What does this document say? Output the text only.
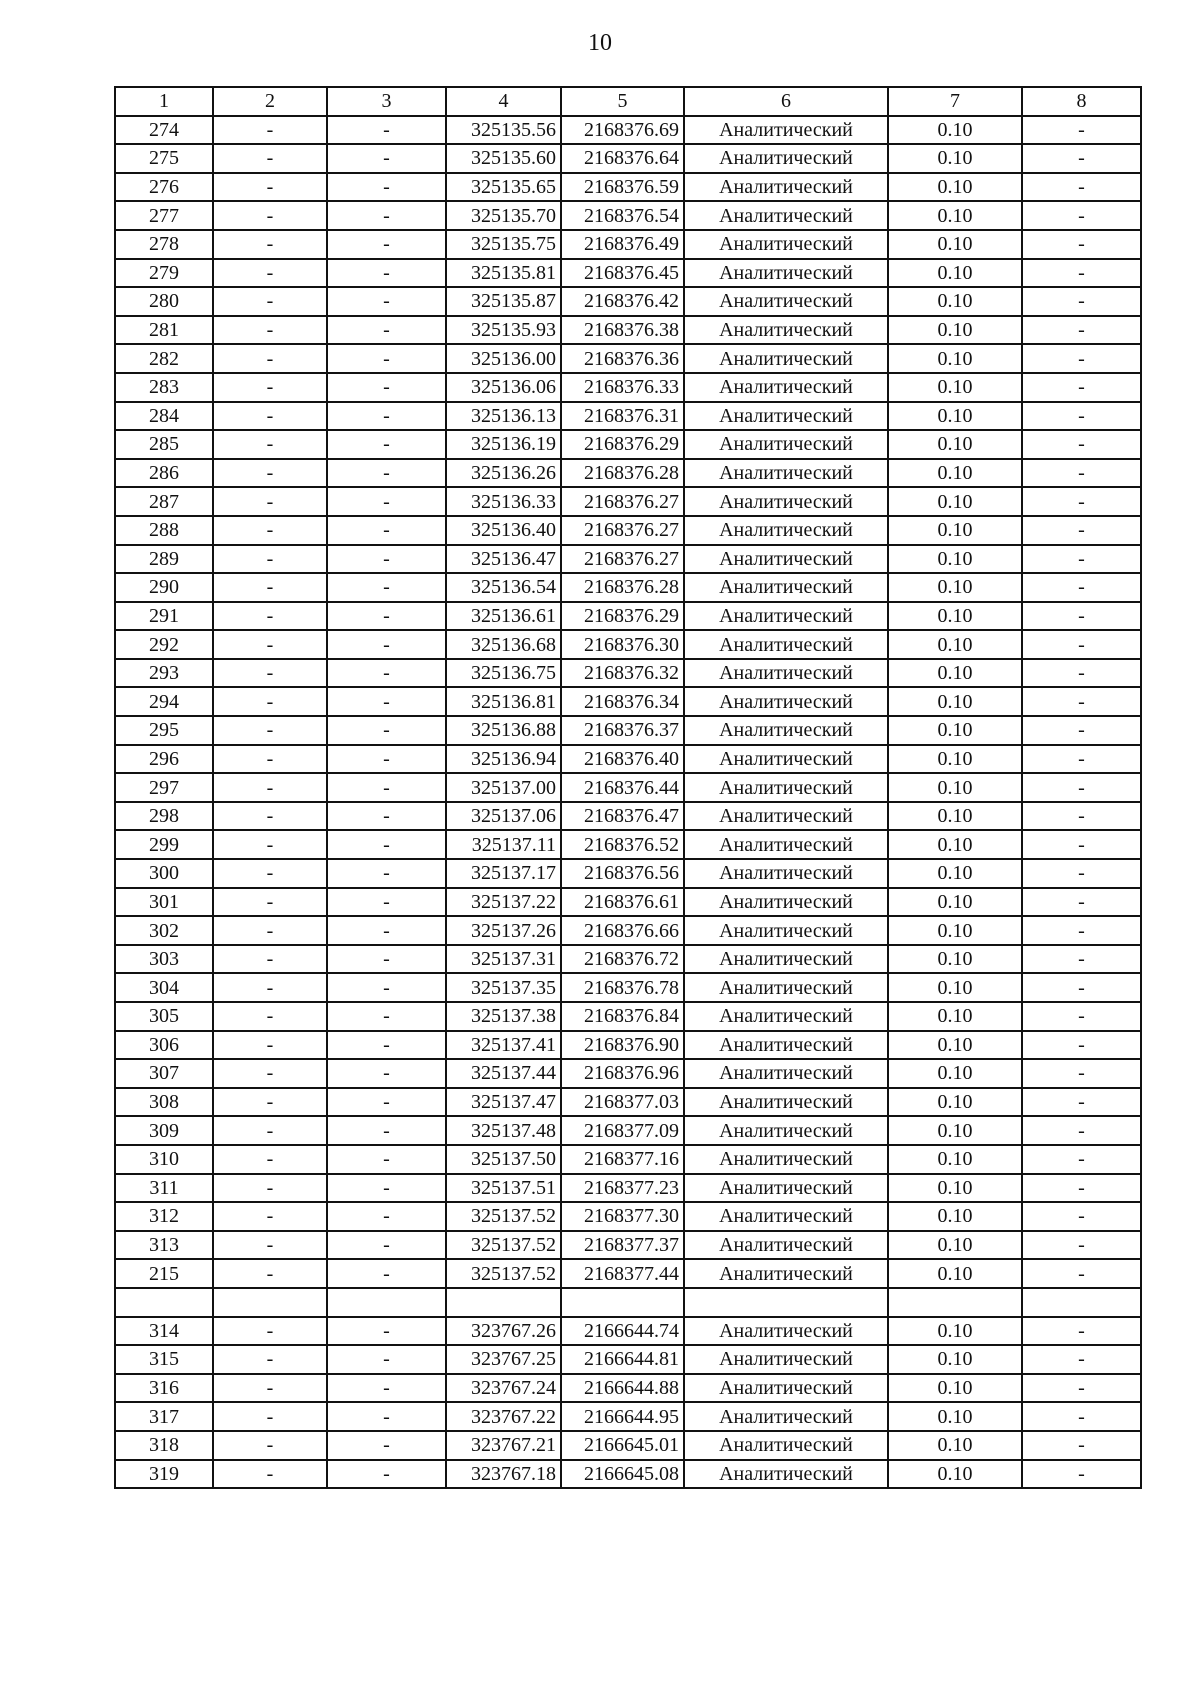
10
1	2	3	4	5	6	7	8
274	-	-	325135.56	2168376.69	Аналитический	0.10	-
275	-	-	325135.60	2168376.64	Аналитический	0.10	-
276	-	-	325135.65	2168376.59	Аналитический	0.10	-
277	-	-	325135.70	2168376.54	Аналитический	0.10	-
278	-	-	325135.75	2168376.49	Аналитический	0.10	-
279	-	-	325135.81	2168376.45	Аналитический	0.10	-
280	-	-	325135.87	2168376.42	Аналитический	0.10	-
281	-	-	325135.93	2168376.38	Аналитический	0.10	-
282	-	-	325136.00	2168376.36	Аналитический	0.10	-
283	-	-	325136.06	2168376.33	Аналитический	0.10	-
284	-	-	325136.13	2168376.31	Аналитический	0.10	-
285	-	-	325136.19	2168376.29	Аналитический	0.10	-
286	-	-	325136.26	2168376.28	Аналитический	0.10	-
287	-	-	325136.33	2168376.27	Аналитический	0.10	-
288	-	-	325136.40	2168376.27	Аналитический	0.10	-
289	-	-	325136.47	2168376.27	Аналитический	0.10	-
290	-	-	325136.54	2168376.28	Аналитический	0.10	-
291	-	-	325136.61	2168376.29	Аналитический	0.10	-
292	-	-	325136.68	2168376.30	Аналитический	0.10	-
293	-	-	325136.75	2168376.32	Аналитический	0.10	-
294	-	-	325136.81	2168376.34	Аналитический	0.10	-
295	-	-	325136.88	2168376.37	Аналитический	0.10	-
296	-	-	325136.94	2168376.40	Аналитический	0.10	-
297	-	-	325137.00	2168376.44	Аналитический	0.10	-
298	-	-	325137.06	2168376.47	Аналитический	0.10	-
299	-	-	325137.11	2168376.52	Аналитический	0.10	-
300	-	-	325137.17	2168376.56	Аналитический	0.10	-
301	-	-	325137.22	2168376.61	Аналитический	0.10	-
302	-	-	325137.26	2168376.66	Аналитический	0.10	-
303	-	-	325137.31	2168376.72	Аналитический	0.10	-
304	-	-	325137.35	2168376.78	Аналитический	0.10	-
305	-	-	325137.38	2168376.84	Аналитический	0.10	-
306	-	-	325137.41	2168376.90	Аналитический	0.10	-
307	-	-	325137.44	2168376.96	Аналитический	0.10	-
308	-	-	325137.47	2168377.03	Аналитический	0.10	-
309	-	-	325137.48	2168377.09	Аналитический	0.10	-
310	-	-	325137.50	2168377.16	Аналитический	0.10	-
311	-	-	325137.51	2168377.23	Аналитический	0.10	-
312	-	-	325137.52	2168377.30	Аналитический	0.10	-
313	-	-	325137.52	2168377.37	Аналитический	0.10	-
215	-	-	325137.52	2168377.44	Аналитический	0.10	-

314	-	-	323767.26	2166644.74	Аналитический	0.10	-
315	-	-	323767.25	2166644.81	Аналитический	0.10	-
316	-	-	323767.24	2166644.88	Аналитический	0.10	-
317	-	-	323767.22	2166644.95	Аналитический	0.10	-
318	-	-	323767.21	2166645.01	Аналитический	0.10	-
319	-	-	323767.18	2166645.08	Аналитический	0.10	-
